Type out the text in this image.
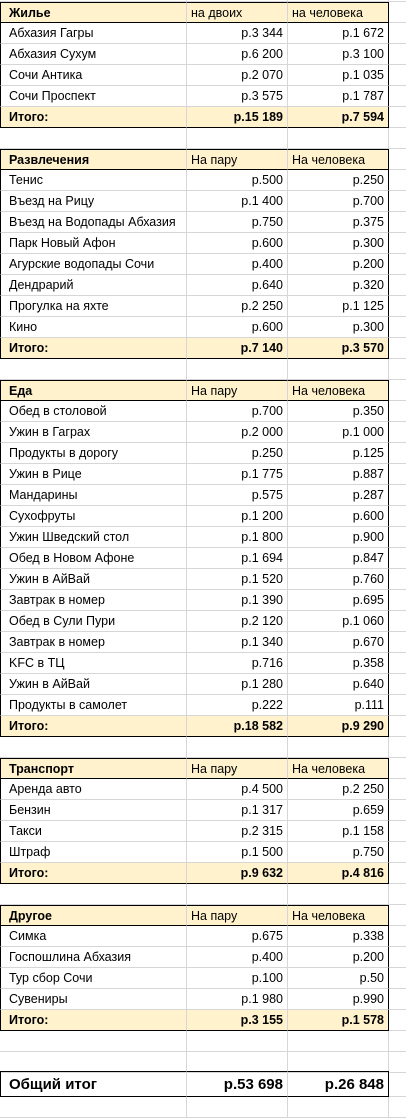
Жилье	на двоих	на человека
Абхазия Гагры	р.3 344	р.1 672
Абхазия Сухум	р.6 200	р.3 100
Сочи Антика	р.2 070	р.1 035
Сочи Проспект	р.3 575	р.1 787
Итого:	р.15 189	р.7 594
Развлечения	На пару	На человека
Тенис	р.500	р.250
Въезд на Рицу	р.1 400	р.700
Въезд на Водопады Абхазия	р.750	р.375
Парк Новый Афон	р.600	р.300
Агурские водопады Сочи	р.400	р.200
Дендрарий	р.640	р.320
Прогулка на яхте	р.2 250	р.1 125
Кино	р.600	р.300
Итого:	р.7 140	р.3 570
Еда	На пару	На человека
Обед в столовой	р.700	р.350
Ужин в Гаграх	р.2 000	р.1 000
Продукты в дорогу	р.250	р.125
Ужин в Рице	р.1 775	р.887
Мандарины	р.575	р.287
Сухофруты	р.1 200	р.600
Ужин Шведский стол	р.1 800	р.900
Обед в Новом Афоне	р.1 694	р.847
Ужин в АйВай	р.1 520	р.760
Завтрак в номер	р.1 390	р.695
Обед в Сули Пури	р.2 120	р.1 060
Завтрак в номер	р.1 340	р.670
KFC в ТЦ	р.716	р.358
Ужин в АйВай	р.1 280	р.640
Продукты в самолет	р.222	р.111
Итого:	р.18 582	р.9 290
Транспорт	На пару	На человека
Аренда авто	р.4 500	р.2 250
Бензин	р.1 317	р.659
Такси	р.2 315	р.1 158
Штраф	р.1 500	р.750
Итого:	р.9 632	р.4 816
Другое	На пару	На человека
Симка	р.675	р.338
Госпошлина Абхазия	р.400	р.200
Тур сбор Сочи	р.100	р.50
Сувениры	р.1 980	р.990
Итого:	р.3 155	р.1 578
Общий итог	р.53 698	р.26 848
